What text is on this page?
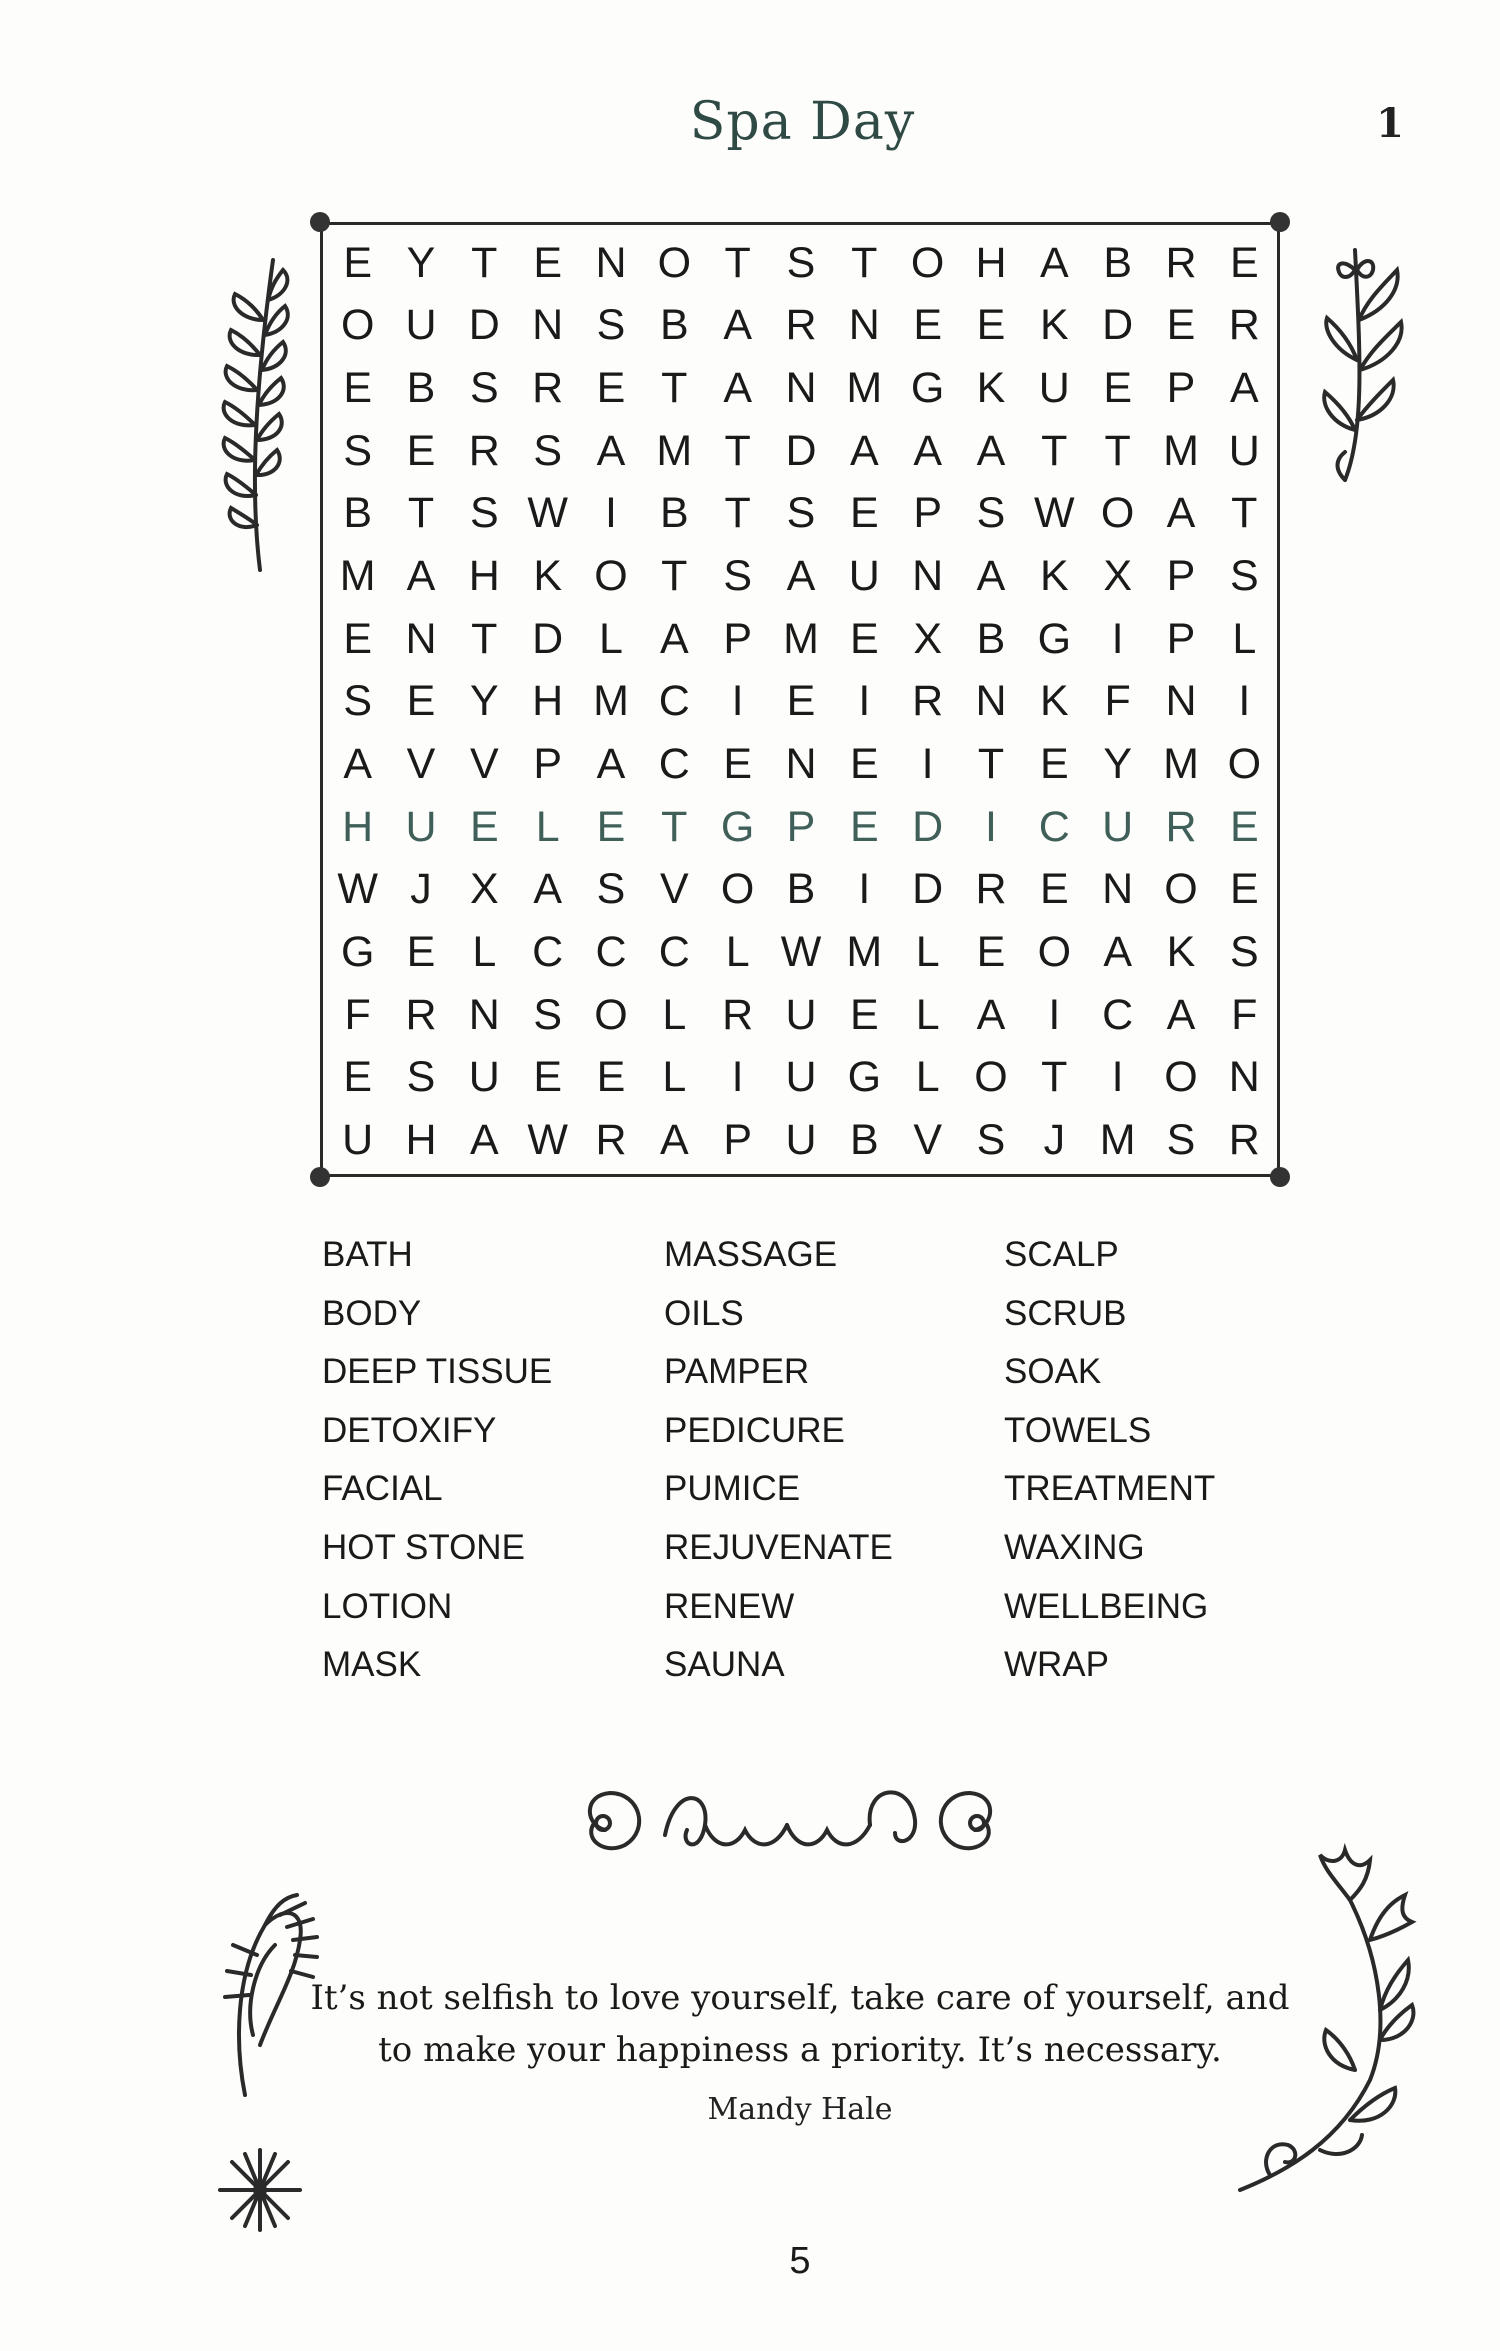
Spa Day	1
E Y T E N O T S T O H A B R E
O U D N S B A R N E E K D E R
E B S R E T A N M G K U E P A
S E R S A M T D A A A T T M U
B T S W I	B T S E P S W O A T
M A H K O T S A U N A K X P S
E N T D L A P M E X B G I	P L
S E Y H M C I	E	I R N K F N I
A V V P A C E N E	I	T E Y M O
H U E L E T G P E D I C U R E
W J X A S V O B	I D R E N O E
G E L C C C L W M L E O A K S
F R N S O L R U E L A	I C A F
E S U E E L	I U G L O T	I O N
U H A W R A P U B V S J M S R
BATH	MASSAGE	SCALP
BODY	OILS	SCRUB
DEEP TISSUE	PAMPER	SOAK
DETOXIFY	PEDICURE	TOWELS
FACIAL	PUMICE	TREATMENT
HOT STONE	REJUVENATE	WAXING
LOTION	RENEW	WELLBEING
MASK	SAUNA	WRAP
It’s not selfish to love yourself, take care of yourself, and
to make your happiness a priority. It’s necessary.
Mandy Hale
5
